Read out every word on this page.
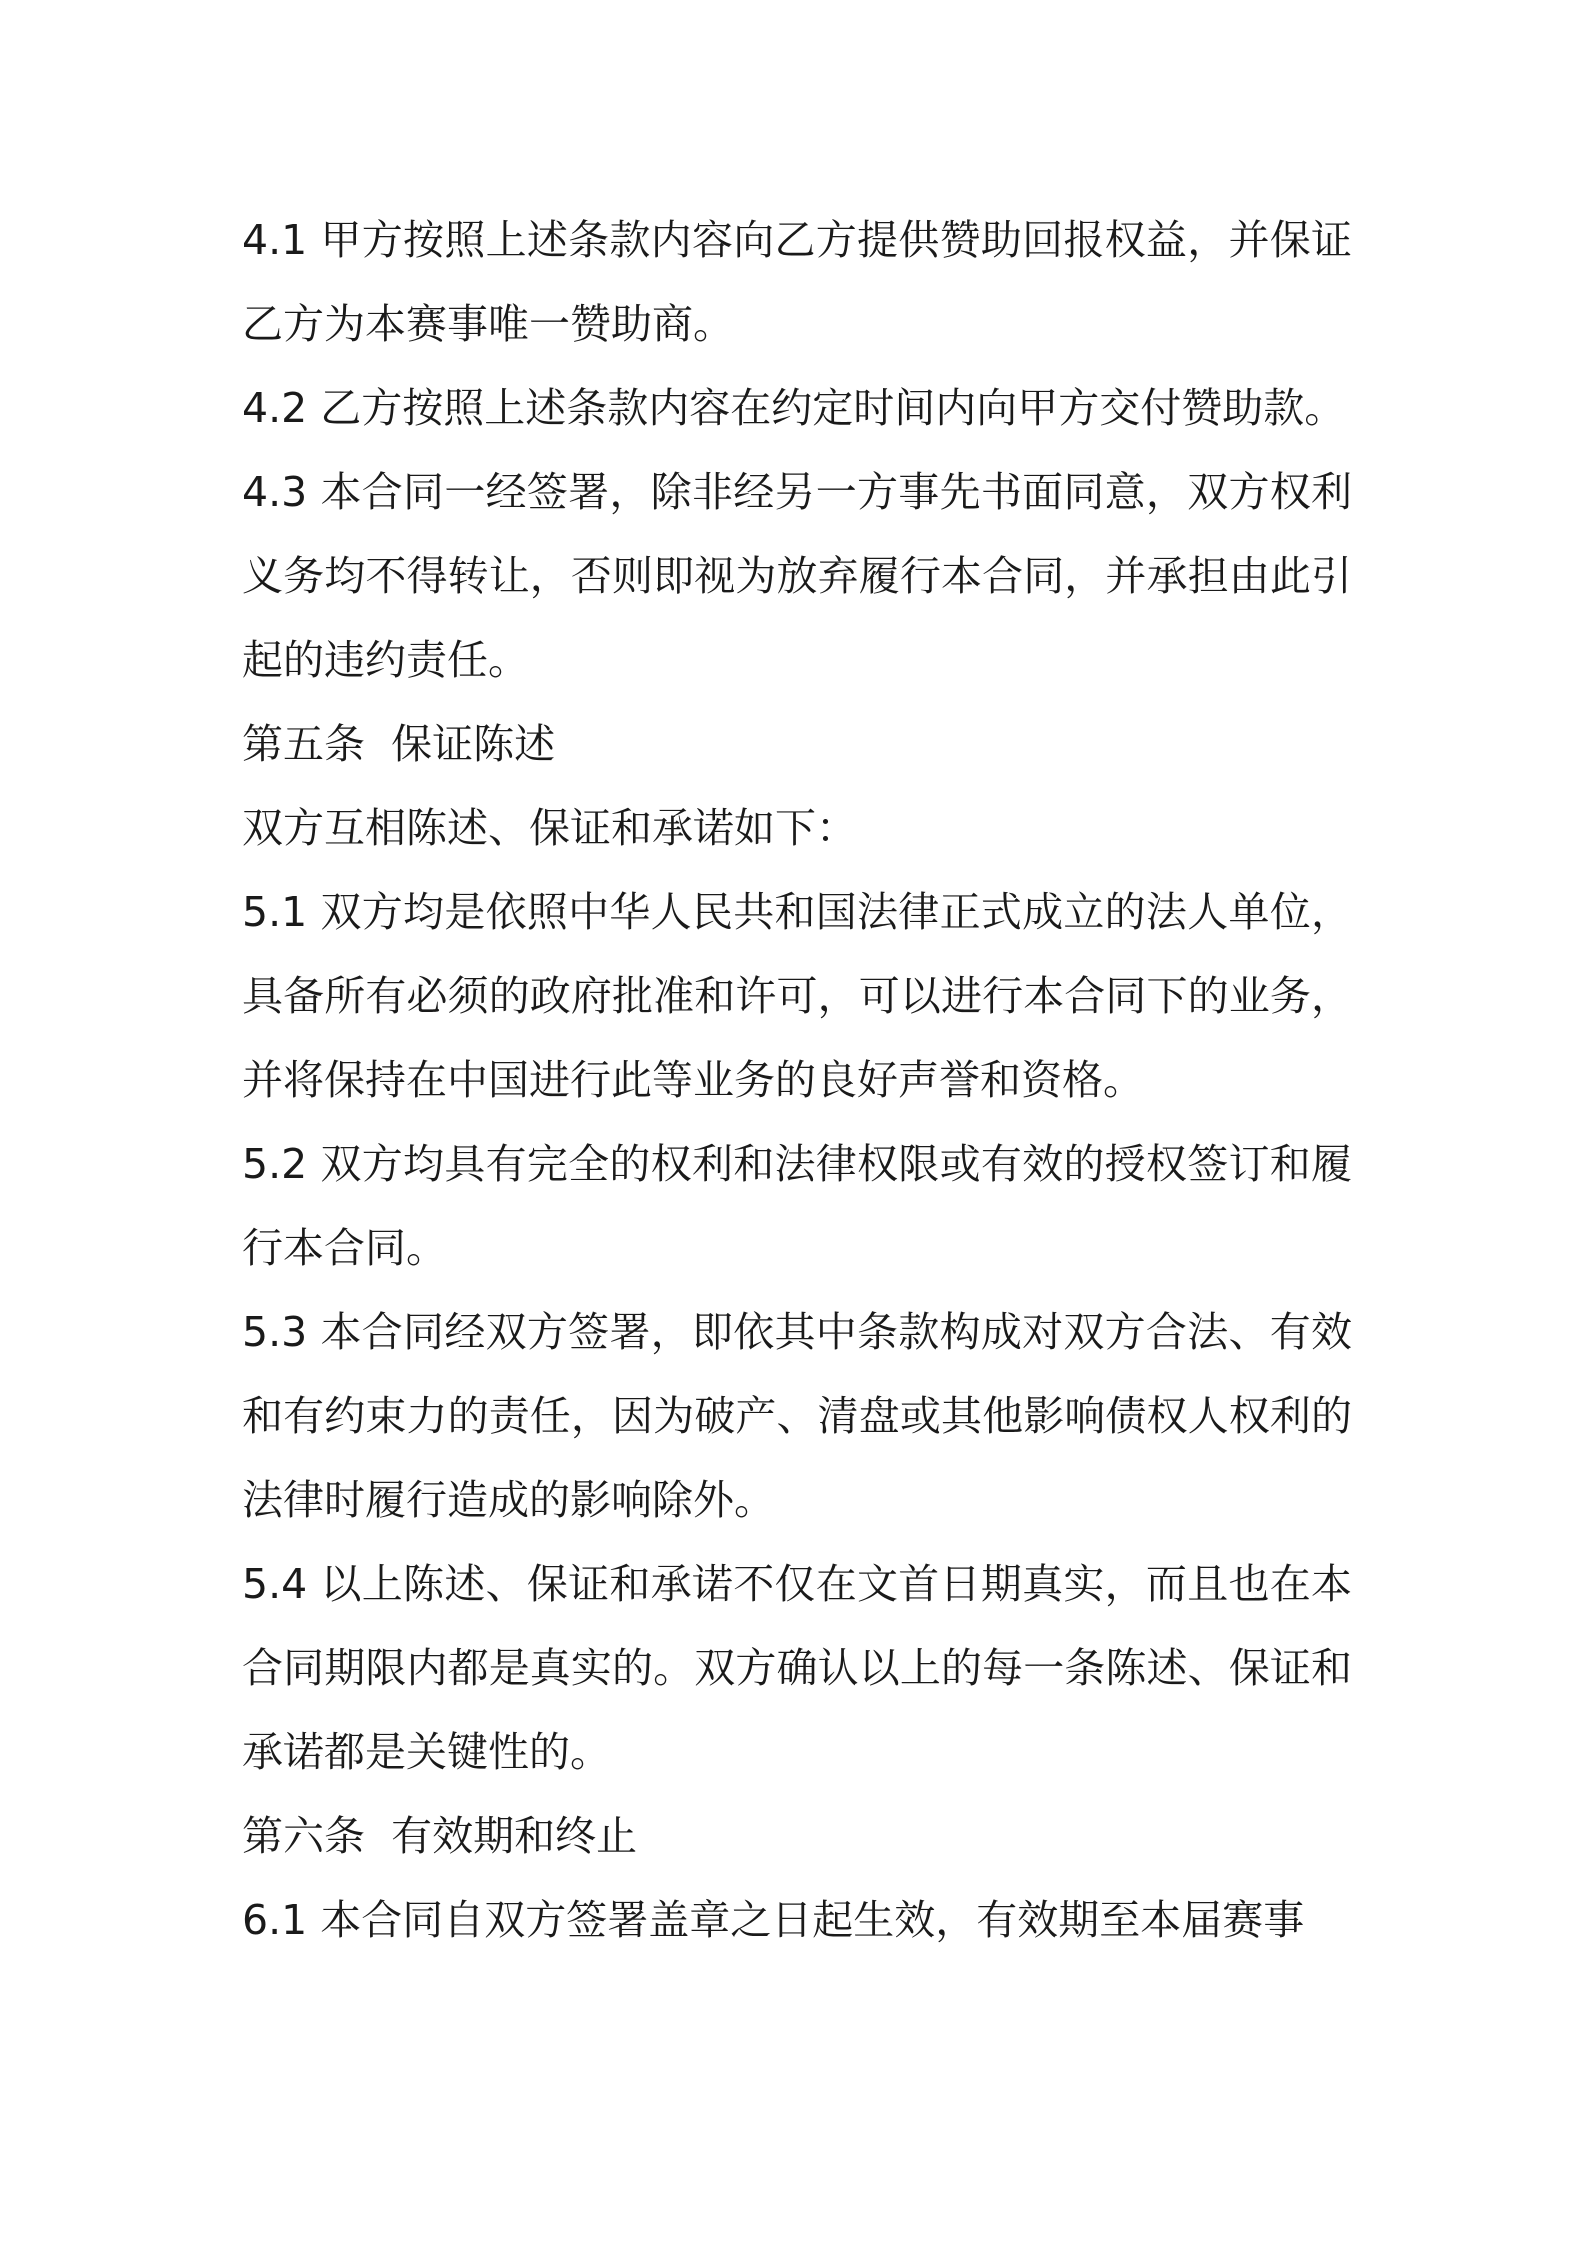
4.1 甲方按照上述条款内容向乙方提供赞助回报权益，并保证乙方为本赛事唯一赞助商。

4.2 乙方按照上述条款内容在约定时间内向甲方交付赞助款。

4.3 本合同一经签署，除非经另一方事先书面同意，双方权利义务均不得转让，否则即视为放弃履行本合同，并承担由此引起的违约责任。

第五条  保证陈述

双方互相陈述、保证和承诺如下：

5.1 双方均是依照中华人民共和国法律正式成立的法人单位，具备所有必须的政府批准和许可，可以进行本合同下的业务，并将保持在中国进行此等业务的良好声誉和资格。

5.2 双方均具有完全的权利和法律权限或有效的授权签订和履行本合同。

5.3 本合同经双方签署，即依其中条款构成对双方合法、有效和有约束力的责任，因为破产、清盘或其他影响债权人权利的法律时履行造成的影响除外。

5.4 以上陈述、保证和承诺不仅在文首日期真实，而且也在本合同期限内都是真实的。双方确认以上的每一条陈述、保证和承诺都是关键性的。

第六条  有效期和终止

6.1 本合同自双方签署盖章之日起生效，有效期至本届赛事
